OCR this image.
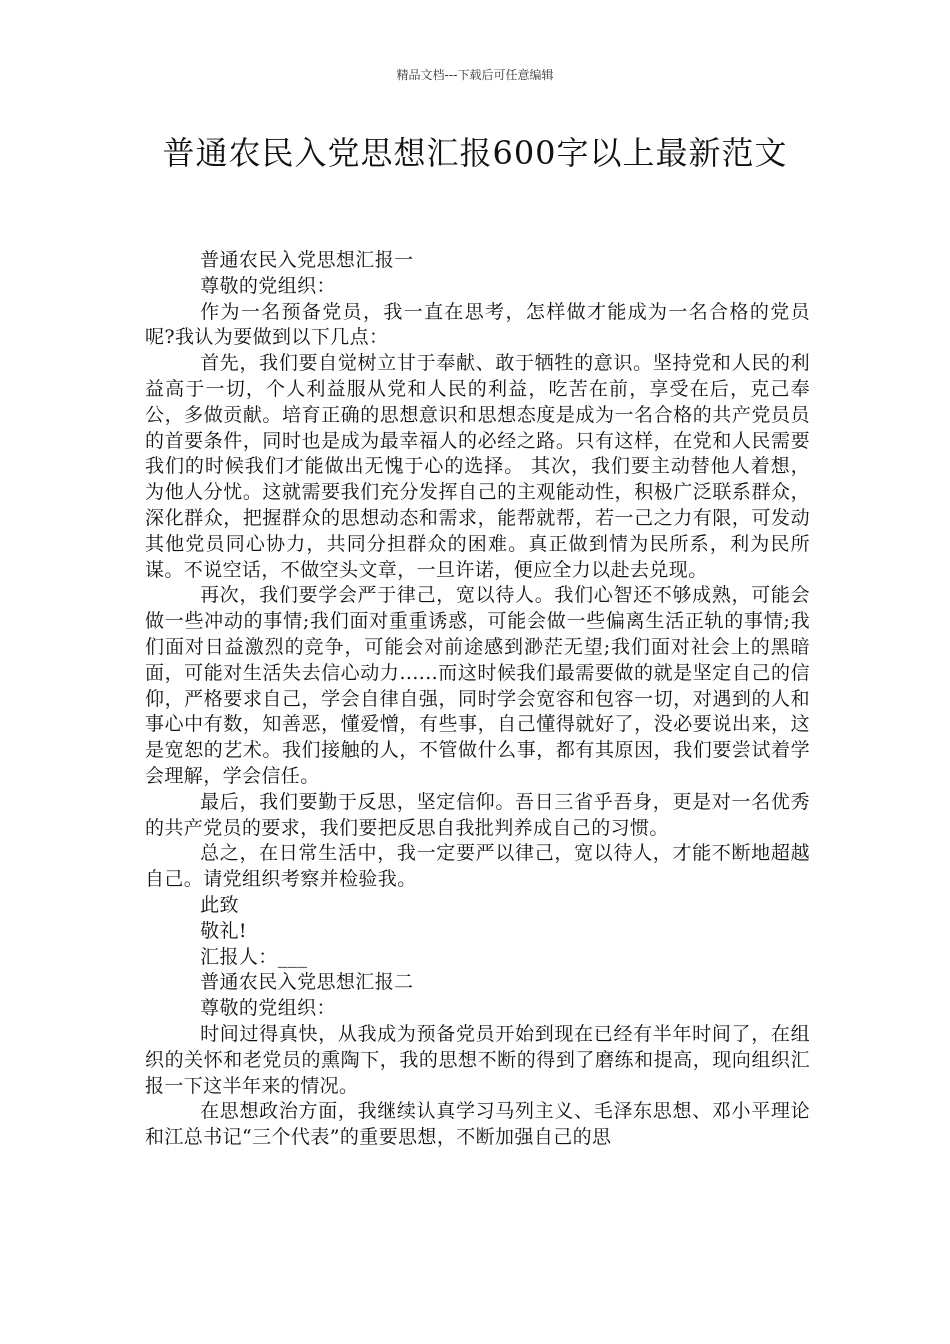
精品文档---下载后可任意编辑
普通农民入党思想汇报600字以上最新范文

普通农民入党思想汇报一

尊敬的党组织：

作为一名预备党员，我一直在思考，怎样做才能成为一名合格的党员呢?我认为要做到以下几点：

首先，我们要自觉树立甘于奉献、敢于牺牲的意识。坚持党和人民的利益高于一切，个人利益服从党和人民的利益，吃苦在前，享受在后，克己奉公，多做贡献。培育正确的思想意识和思想态度是成为一名合格的共产党员员的首要条件，同时也是成为最幸福人的必经之路。只有这样，在党和人民需要我们的时候我们才能做出无愧于心的选择。 其次，我们要主动替他人着想，为他人分忧。这就需要我们充分发挥自己的主观能动性，积极广泛联系群众，深化群众，把握群众的思想动态和需求，能帮就帮，若一己之力有限，可发动其他党员同心协力，共同分担群众的困难。真正做到情为民所系，利为民所谋。不说空话，不做空头文章，一旦许诺，便应全力以赴去兑现。

再次，我们要学会严于律己，宽以待人。我们心智还不够成熟，可能会做一些冲动的事情;我们面对重重诱惑，可能会做一些偏离生活正轨的事情;我们面对日益激烈的竞争，可能会对前途感到渺茫无望;我们面对社会上的黑暗面，可能对生活失去信心动力......而这时候我们最需要做的就是坚定自己的信仰，严格要求自己，学会自律自强，同时学会宽容和包容一切，对遇到的人和事心中有数，知善恶，懂爱憎，有些事，自己懂得就好了，没必要说出来，这是宽恕的艺术。我们接触的人，不管做什么事，都有其原因，我们要尝试着学会理解，学会信任。

最后，我们要勤于反思，坚定信仰。吾日三省乎吾身，更是对一名优秀的共产党员的要求，我们要把反思自我批判养成自己的习惯。

总之，在日常生活中，我一定要严以律己，宽以待人，才能不断地超越自己。请党组织考察并检验我。

此致

敬礼!

汇报人：___

普通农民入党思想汇报二

尊敬的党组织：

时间过得真快，从我成为预备党员开始到现在已经有半年时间了，在组织的关怀和老党员的熏陶下，我的思想不断的得到了磨练和提高，现向组织汇报一下这半年来的情况。

在思想政治方面，我继续认真学习马列主义、毛泽东思想、邓小平理论和江总书记“三个代表”的重要思想，不断加强自己的思
